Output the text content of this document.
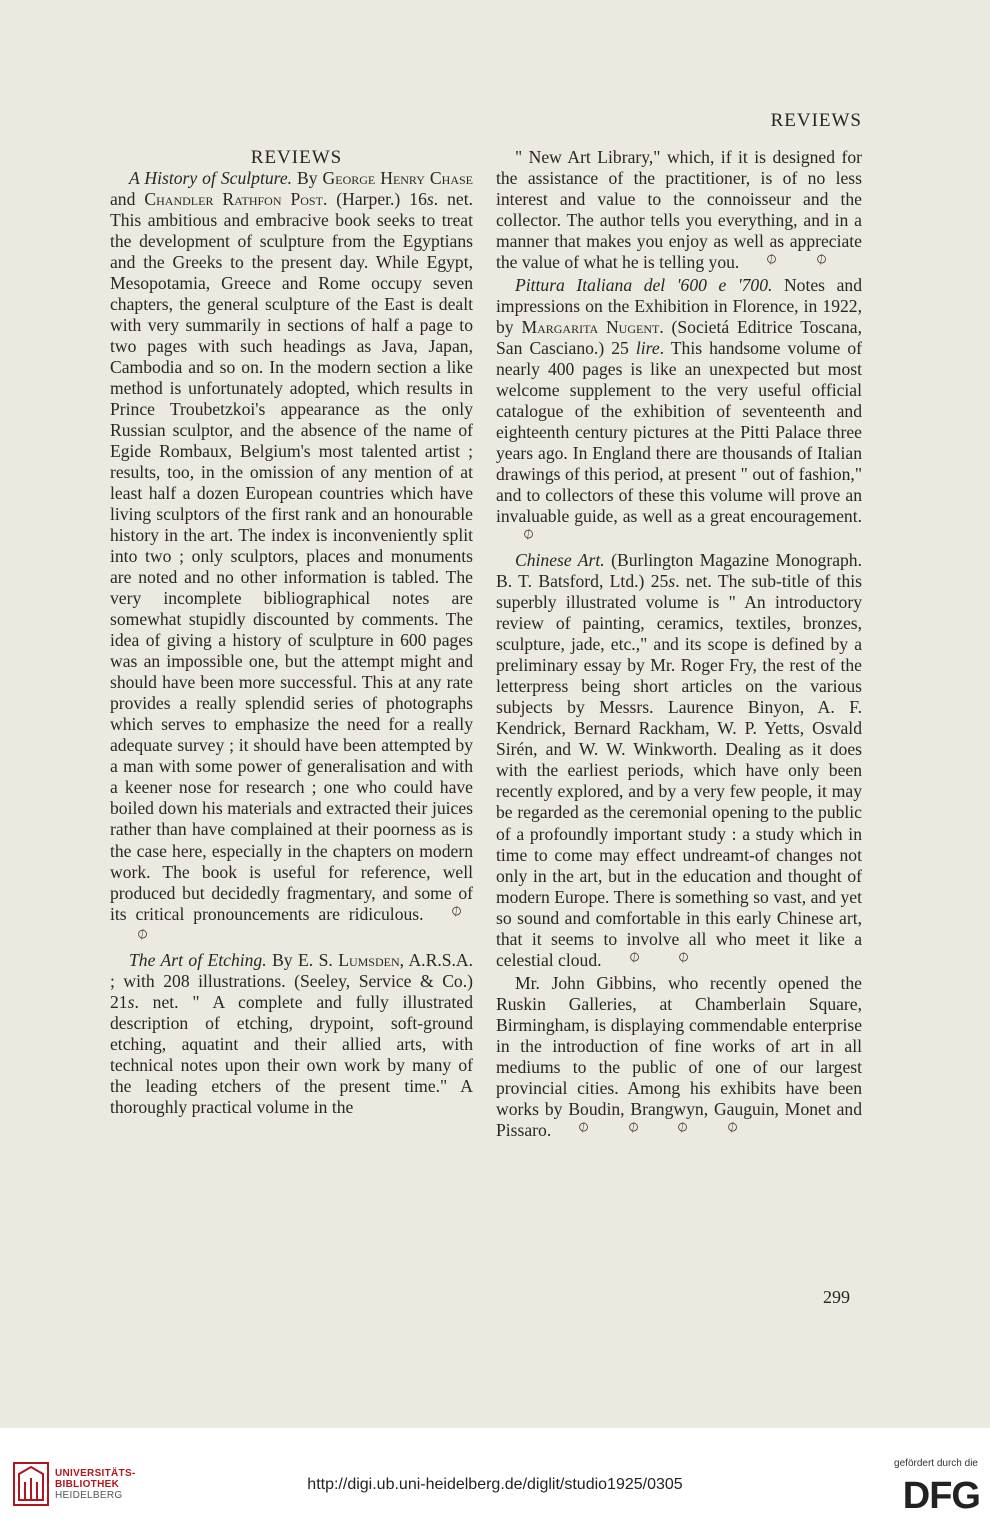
REVIEWS
REVIEWS

A History of Sculpture. By George Henry Chase and Chandler Rathfon Post. (Harper.) 16s. net. This ambitious and embracive book seeks to treat the development of sculpture from the Egyptians and the Greeks to the present day. While Egypt, Mesopotamia, Greece and Rome occupy seven chapters, the general sculpture of the East is dealt with very summarily in sections of half a page to two pages with such headings as Java, Japan, Cambodia and so on. In the modern section a like method is unfortunately adopted, which results in Prince Troubetzkoi's appearance as the only Russian sculptor, and the absence of the name of Egide Rombaux, Belgium's most talented artist ; results, too, in the omission of any mention of at least half a dozen European countries which have living sculptors of the first rank and an honourable history in the art. The index is inconveniently split into two ; only sculptors, places and monuments are noted and no other information is tabled. The very incomplete bibliographical notes are somewhat stupidly discounted by comments. The idea of giving a history of sculpture in 600 pages was an impossible one, but the attempt might and should have been more successful. This at any rate provides a really splendid series of photographs which serves to emphasize the need for a really adequate survey ; it should have been attempted by a man with some power of generalisation and with a keener nose for research ; one who could have boiled down his materials and extracted their juices rather than have complained at their poorness as is the case here, especially in the chapters on modern work. The book is useful for reference, well produced but decidedly fragmentary, and some of its critical pronouncements are ridiculous. ∅∅

The Art of Etching. By E. S. Lumsden, A.R.S.A. ; with 208 illustrations. (Seeley, Service & Co.) 21s. net. " A complete and fully illustrated description of etching, drypoint, soft-ground etching, aquatint and their allied arts, with technical notes upon their own work by many of the leading etchers of the present time." A thoroughly practical volume in the

" New Art Library," which, if it is designed for the assistance of the practitioner, is of no less interest and value to the connoisseur and the collector. The author tells you everything, and in a manner that makes you enjoy as well as appreciate the value of what he is telling you. ∅	∅

Pittura Italiana del '600 e '700. Notes and impressions on the Exhibition in Florence, in 1922, by Margarita Nugent. (Societá Editrice Toscana, San Casciano.) 25 lire. This handsome volume of nearly 400 pages is like an unexpected but most welcome supplement to the very useful official catalogue of the exhibition of seventeenth and eighteenth century pictures at the Pitti Palace three years ago. In England there are thousands of Italian drawings of this period, at present " out of fashion," and to collectors of these this volume will prove an invaluable guide, as well as a great encouragement.∅

Chinese Art. (Burlington Magazine Monograph. B. T. Batsford, Ltd.) 25s. net. The sub-title of this superbly illustrated volume is " An introductory review of painting, ceramics, textiles, bronzes, sculpture, jade, etc.," and its scope is defined by a preliminary essay by Mr. Roger Fry, the rest of the letterpress being short articles on the various subjects by Messrs. Laurence Binyon, A. F. Kendrick, Bernard Rackham, W. P. Yetts, Osvald Sirén, and W. W. Winkworth. Dealing as it does with the earliest periods, which have only been recently explored, and by a very few people, it may be regarded as the ceremonial opening to the public of a profoundly important study : a study which in time to come may effect undreamt-of changes not only in the art, but in the education and thought of modern Europe. There is something so vast, and yet so sound and comfortable in this early Chinese art, that it seems to involve all who meet it like a celestial cloud. ∅	∅

Mr. John Gibbins, who recently opened the Ruskin Galleries, at Chamberlain Square, Birmingham, is displaying commendable enterprise in the introduction of fine works of art in all mediums to the public of one of our largest provincial cities. Among his exhibits have been works by Boudin, Brangwyn, Gauguin, Monet and Pissaro. ∅	∅	∅	∅

299
UNIVERSITÄTS-
BIBLIOTHEK
HEIDELBERG
http://digi.ub.uni-heidelberg.de/diglit/studio1925/0305
gefördert durch die
DFG
